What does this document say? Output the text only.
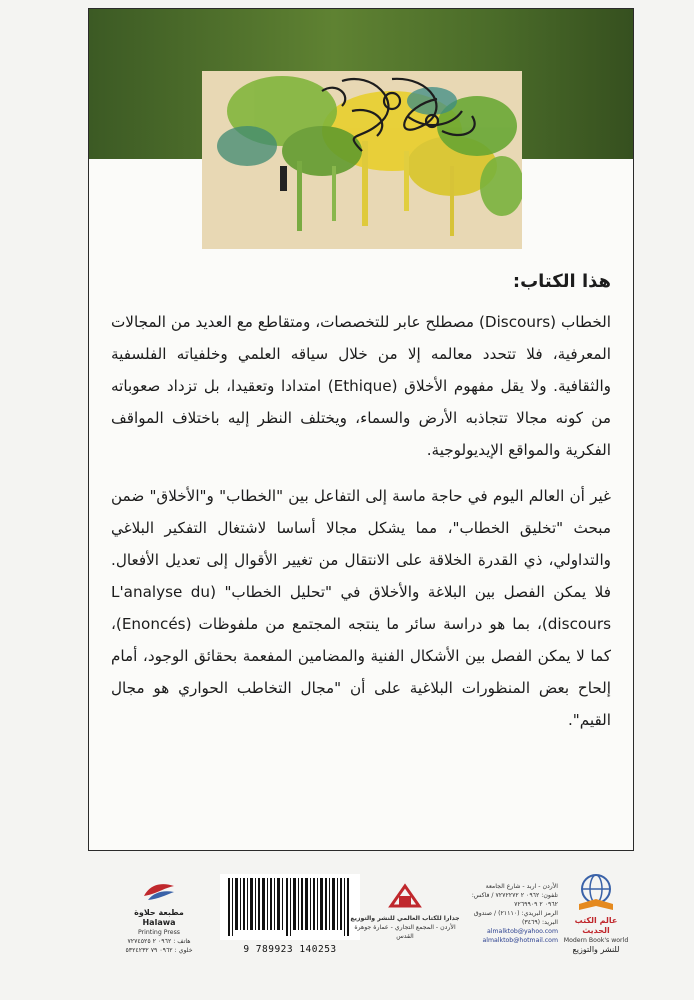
هذا الكتاب:

الخطاب (Discours) مصطلح عابر للتخصصات، ومتقاطع مع العديد من المجالات المعرفية، فلا تتحدد معالمه إلا من خلال سياقه العلمي وخلفياته الفلسفية والثقافية. ولا يقل مفهوم الأخلاق (Ethique) امتدادا وتعقيدا، بل تزداد صعوباته من كونه مجالا تتجاذبه الأرض والسماء، ويختلف النظر إليه باختلاف المواقف الفكرية والمواقع الإيديولوجية.

غير أن العالم اليوم في حاجة ماسة إلى التفاعل بين "الخطاب" و"الأخلاق" ضمن مبحث "تخليق الخطاب"، مما يشكل مجالا أساسا لاشتغال التفكير البلاغي والتداولي، ذي القدرة الخلاقة على الانتقال من تغيير الأقوال إلى تعديل الأفعال. فلا يمكن الفصل بين البلاغة والأخلاق في "تحليل الخطاب" (L'analyse du discours)، بما هو دراسة سائر ما ينتجه المجتمع من ملفوظات (Enoncés)، كما لا يمكن الفصل بين الأشكال الفنية والمضامين المفعمة بحقائق الوجود، أمام إلحاح بعض المنظورات البلاغية على أن "مجال التخاطب الحواري هو مجال القيم".

مطبعة حلاوة
Halawa
Printing Press
هاتف : ٠٩٦٢ ٢ ٧٢٧٤٥٢٥
خلوي : ٠٩٦٢ ٧٩ ٥٣٢٤٢٣٢	9 789923 140253
جدارا للكتاب العالمي للنشر والتوزيع
الأردن - المجمع التجاري - عمارة جوهرة القدس
الأردن - اربد - شارع الجامعة
تلفون: ٠٩٦٢ ٢ ٧٢٧٢٢٧٢ / فاكس: ٠٩٦٢ ٢ ٧٢٦٩٩٠٩
الرمز البريدي: (٢١١١٠) / صندوق البريد: (٣٤٦٩)
almalktob@yahoo.com
almalktob@hotmail.com
عالم الكتب الحديث
Modern Book's world
للنشر والتوزيع
